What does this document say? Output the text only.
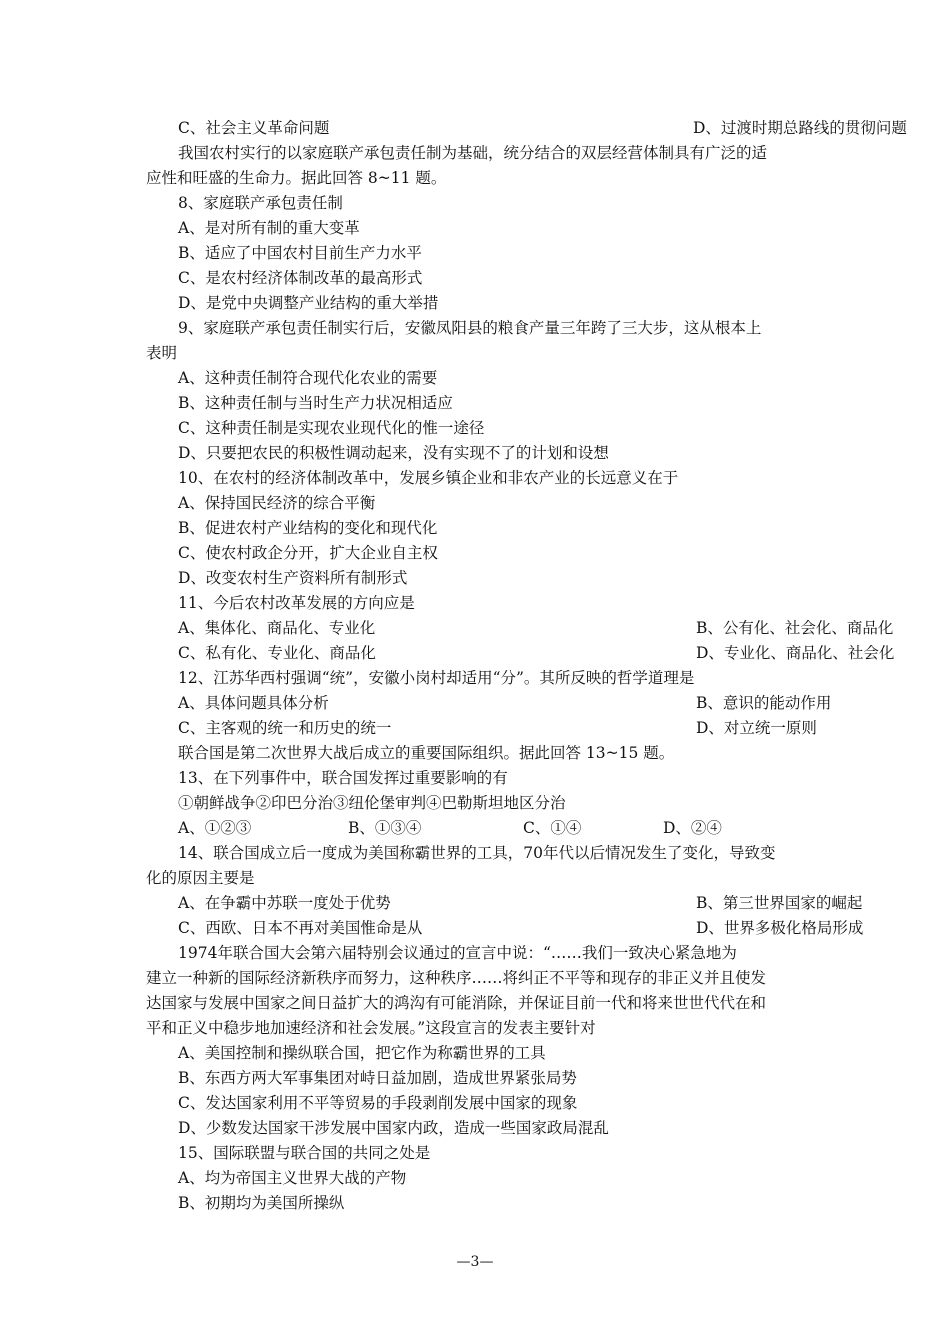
C、社会主义革命问题	D、过渡时期总路线的贯彻问题
我国农村实行的以家庭联产承包责任制为基础，统分结合的双层经营体制具有广泛的适
应性和旺盛的生命力。据此回答 8~11 题。
8、家庭联产承包责任制
A、是对所有制的重大变革
B、适应了中国农村目前生产力水平
C、是农村经济体制改革的最高形式
D、是党中央调整产业结构的重大举措
9、家庭联产承包责任制实行后，安徽凤阳县的粮食产量三年跨了三大步，这从根本上
表明
A、这种责任制符合现代化农业的需要
B、这种责任制与当时生产力状况相适应
C、这种责任制是实现农业现代化的惟一途径
D、只要把农民的积极性调动起来，没有实现不了的计划和设想
10、在农村的经济体制改革中，发展乡镇企业和非农产业的长远意义在于
A、保持国民经济的综合平衡
B、促进农村产业结构的变化和现代化
C、使农村政企分开，扩大企业自主权
D、改变农村生产资料所有制形式
11、今后农村改革发展的方向应是
A、集体化、商品化、专业化	B、公有化、社会化、商品化
C、私有化、专业化、商品化	D、专业化、商品化、社会化
12、江苏华西村强调“统”，安徽小岗村却适用“分”。其所反映的哲学道理是
A、具体问题具体分析	B、意识的能动作用
C、主客观的统一和历史的统一	D、对立统一原则
联合国是第二次世界大战后成立的重要国际组织。据此回答 13~15 题。
13、在下列事件中，联合国发挥过重要影响的有
①朝鲜战争②印巴分治③纽伦堡审判④巴勒斯坦地区分治
A、①②③	B、①③④	C、①④	D、②④
14、联合国成立后一度成为美国称霸世界的工具，70年代以后情况发生了变化，导致变
化的原因主要是
A、在争霸中苏联一度处于优势	B、第三世界国家的崛起
C、西欧、日本不再对美国惟命是从	D、世界多极化格局形成
1974年联合国大会第六届特别会议通过的宣言中说：“……我们一致决心紧急地为
建立一种新的国际经济新秩序而努力，这种秩序……将纠正不平等和现存的非正义并且使发
达国家与发展中国家之间日益扩大的鸿沟有可能消除，并保证目前一代和将来世世代代在和
平和正义中稳步地加速经济和社会发展。”这段宣言的发表主要针对
A、美国控制和操纵联合国，把它作为称霸世界的工具
B、东西方两大军事集团对峙日益加剧，造成世界紧张局势
C、发达国家利用不平等贸易的手段剥削发展中国家的现象
D、少数发达国家干涉发展中国家内政，造成一些国家政局混乱
15、国际联盟与联合国的共同之处是
A、均为帝国主义世界大战的产物
B、初期均为美国所操纵
—3—
